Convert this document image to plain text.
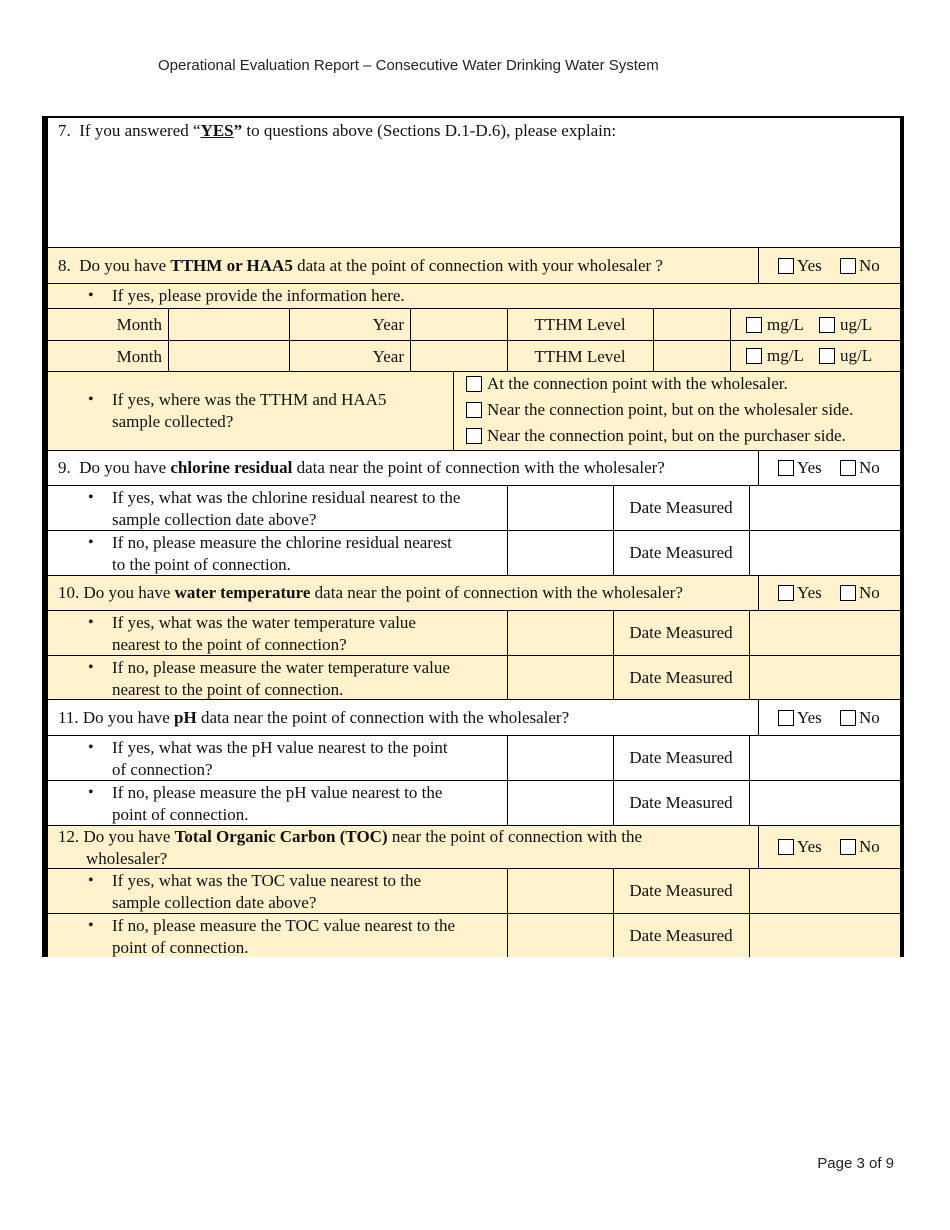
Operational Evaluation Report – Consecutive Water Drinking Water System
7. If you answered “YES” to questions above (Sections D.1-D.6), please explain:
8. Do you have TTHM or HAA5 data at the point of connection with your wholesaler ?	Yes No
• If yes, please provide the information here.
Month	Year	TTHM Level	mg/L ug/L
Month	Year	TTHM Level	mg/L ug/L
• If yes, where was the TTHM and HAA5
sample collected?
At the connection point with the wholesaler.
Near the connection point, but on the wholesaler side.
Near the connection point, but on the purchaser side.
9. Do you have chlorine residual data near the point of connection with the wholesaler?	Yes No
• If yes, what was the chlorine residual nearest to the
sample collection date above?
Date Measured
• If no, please measure the chlorine residual nearest
to the point of connection.
Date Measured
10. Do you have water temperature data near the point of connection with the wholesaler?	Yes No
• If yes, what was the water temperature value
nearest to the point of connection?
Date Measured
• If no, please measure the water temperature value
nearest to the point of connection.
Date Measured
11. Do you have pH data near the point of connection with the wholesaler?	Yes No
• If yes, what was the pH value nearest to the point
of connection?
Date Measured
• If no, please measure the pH value nearest to the
point of connection.
Date Measured
12. Do you have Total Organic Carbon (TOC) near the point of connection with the
wholesaler?
Yes No
• If yes, what was the TOC value nearest to the
sample collection date above?
Date Measured
• If no, please measure the TOC value nearest to the
point of connection.
Date Measured
Page 3 of 9
